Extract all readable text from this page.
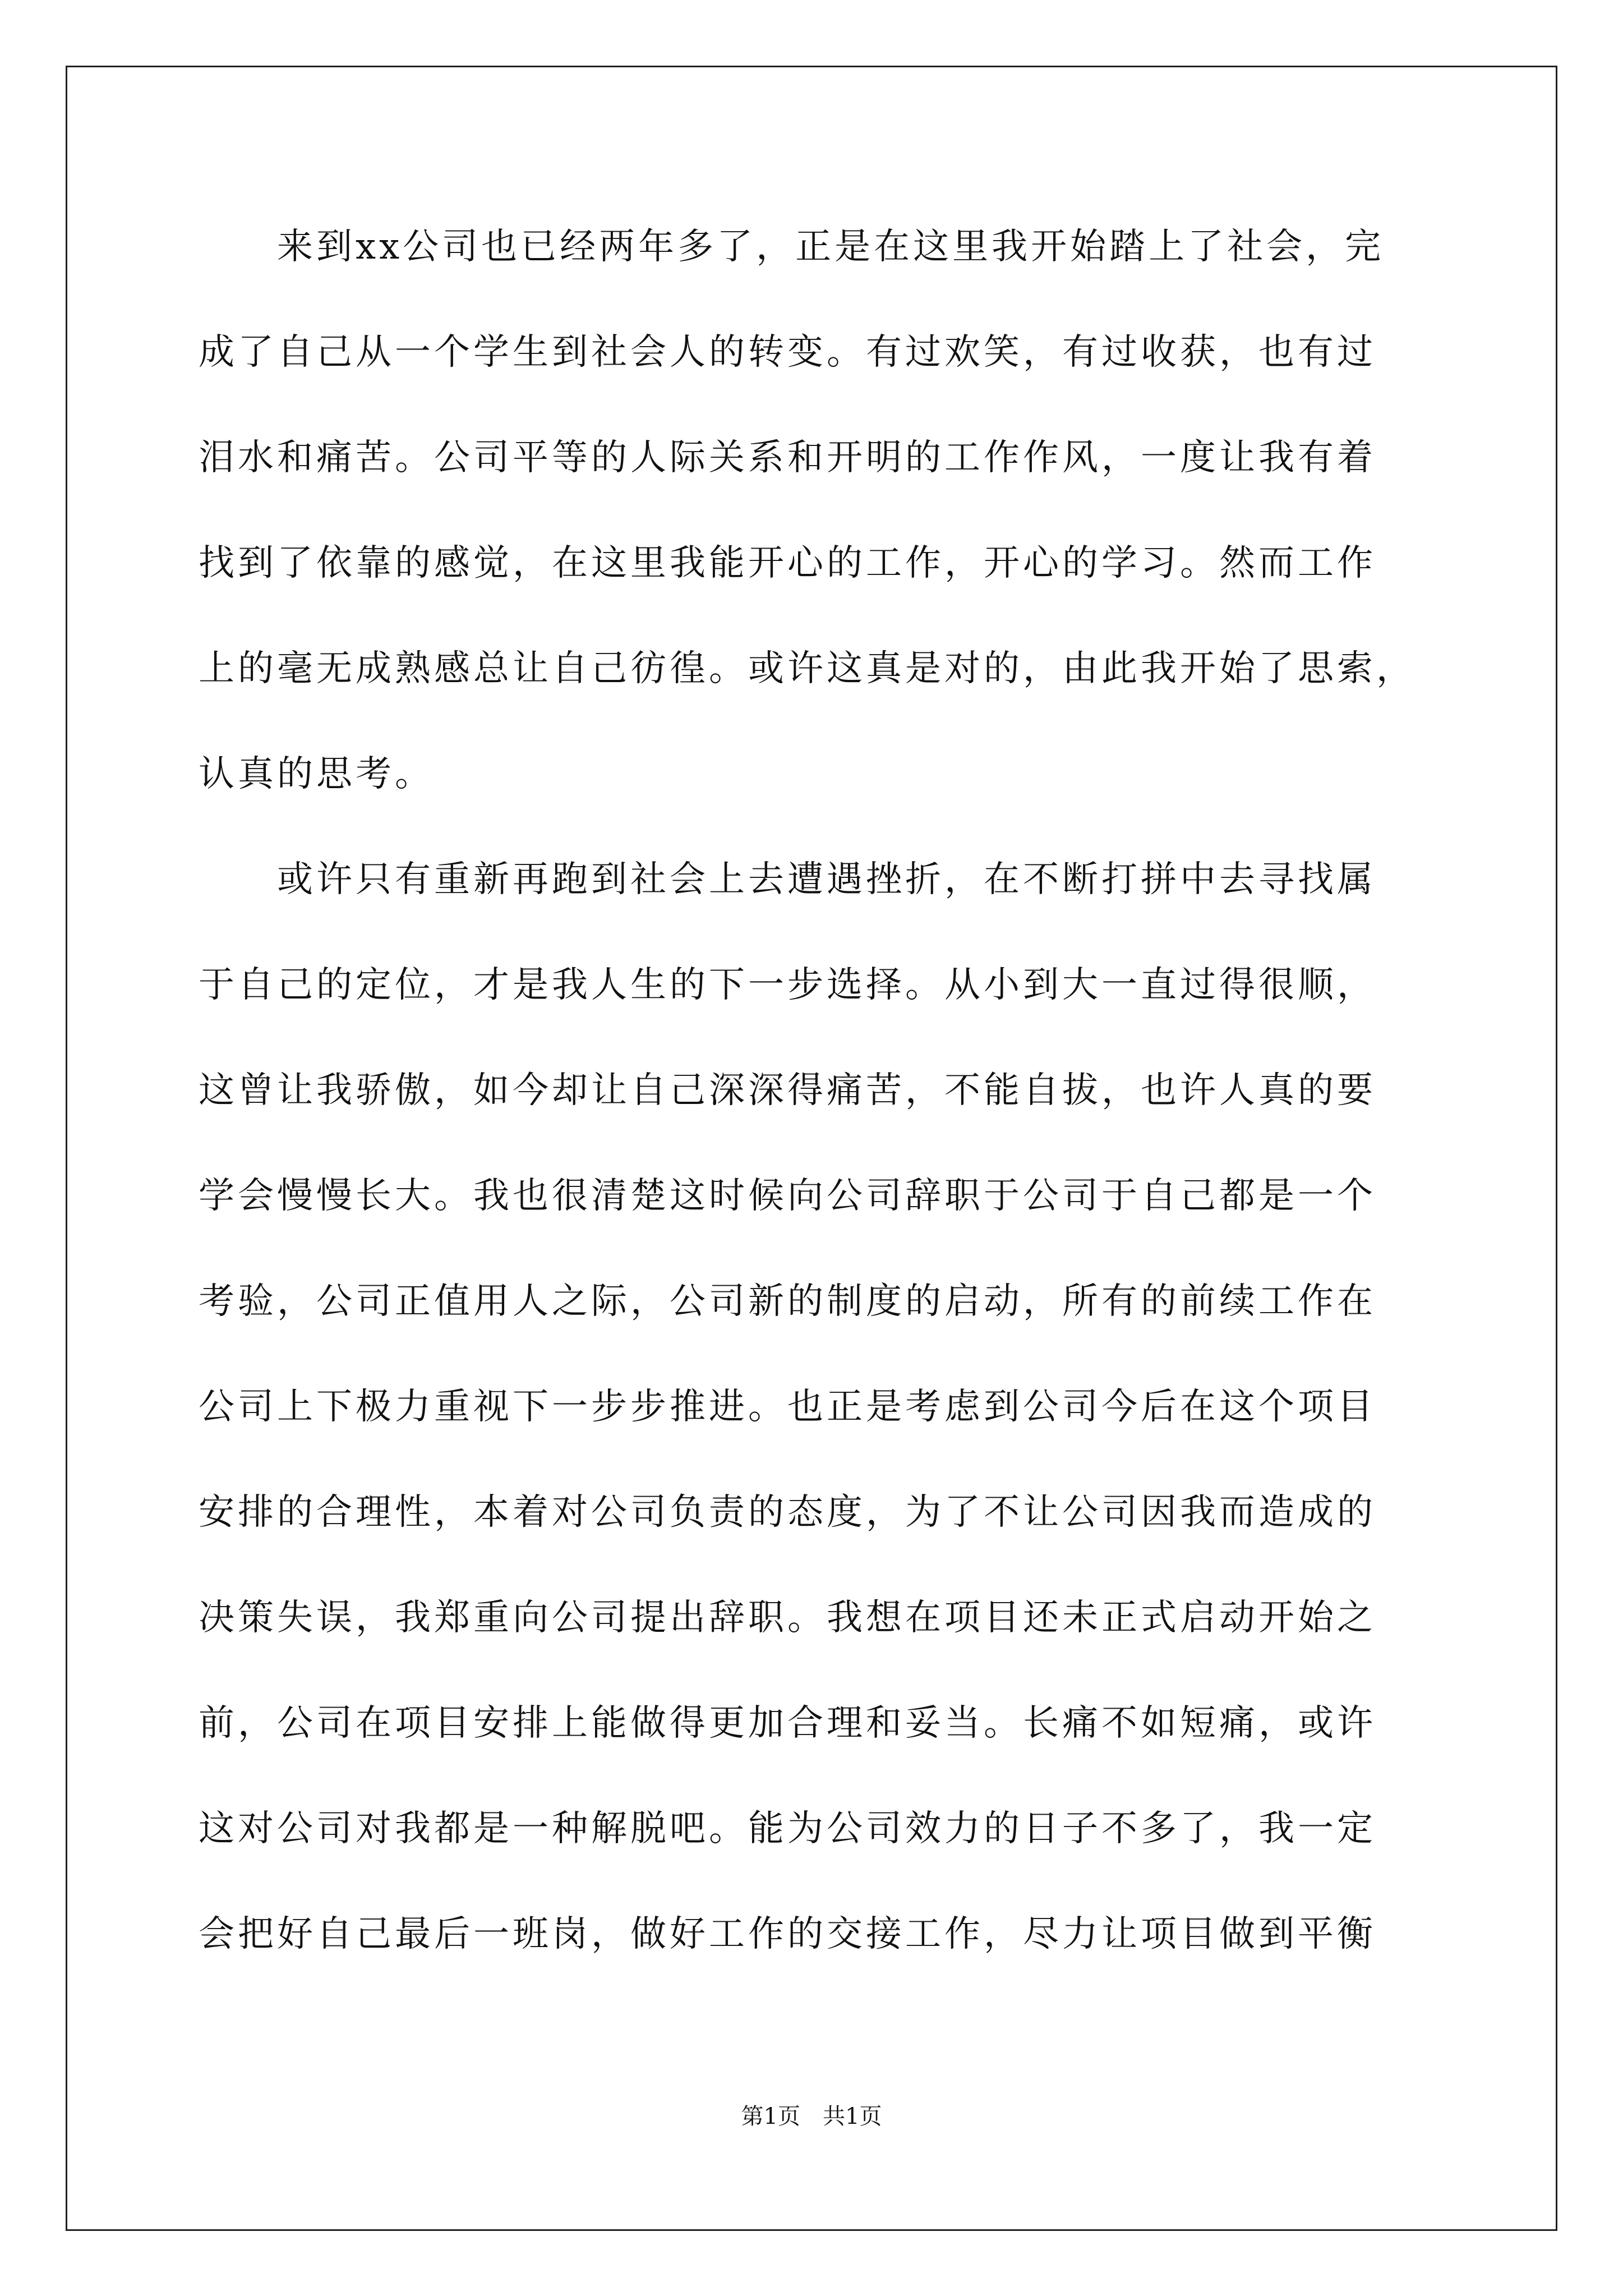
　　来到xx公司也已经两年多了，正是在这里我开始踏上了社会，完
成了自己从一个学生到社会人的转变。有过欢笑，有过收获，也有过
泪水和痛苦。公司平等的人际关系和开明的工作作风，一度让我有着
找到了依靠的感觉，在这里我能开心的工作，开心的学习。然而工作
上的毫无成熟感总让自己彷徨。或许这真是对的，由此我开始了思索，
认真的思考。
　　或许只有重新再跑到社会上去遭遇挫折，在不断打拼中去寻找属
于自己的定位，才是我人生的下一步选择。从小到大一直过得很顺，
这曾让我骄傲，如今却让自己深深得痛苦，不能自拔，也许人真的要
学会慢慢长大。我也很清楚这时候向公司辞职于公司于自己都是一个
考验，公司正值用人之际，公司新的制度的启动，所有的前续工作在
公司上下极力重视下一步步推进。也正是考虑到公司今后在这个项目
安排的合理性，本着对公司负责的态度，为了不让公司因我而造成的
决策失误，我郑重向公司提出辞职。我想在项目还未正式启动开始之
前，公司在项目安排上能做得更加合理和妥当。长痛不如短痛，或许
这对公司对我都是一种解脱吧。能为公司效力的日子不多了，我一定
会把好自己最后一班岗，做好工作的交接工作，尽力让项目做到平衡
第1页　共1页
